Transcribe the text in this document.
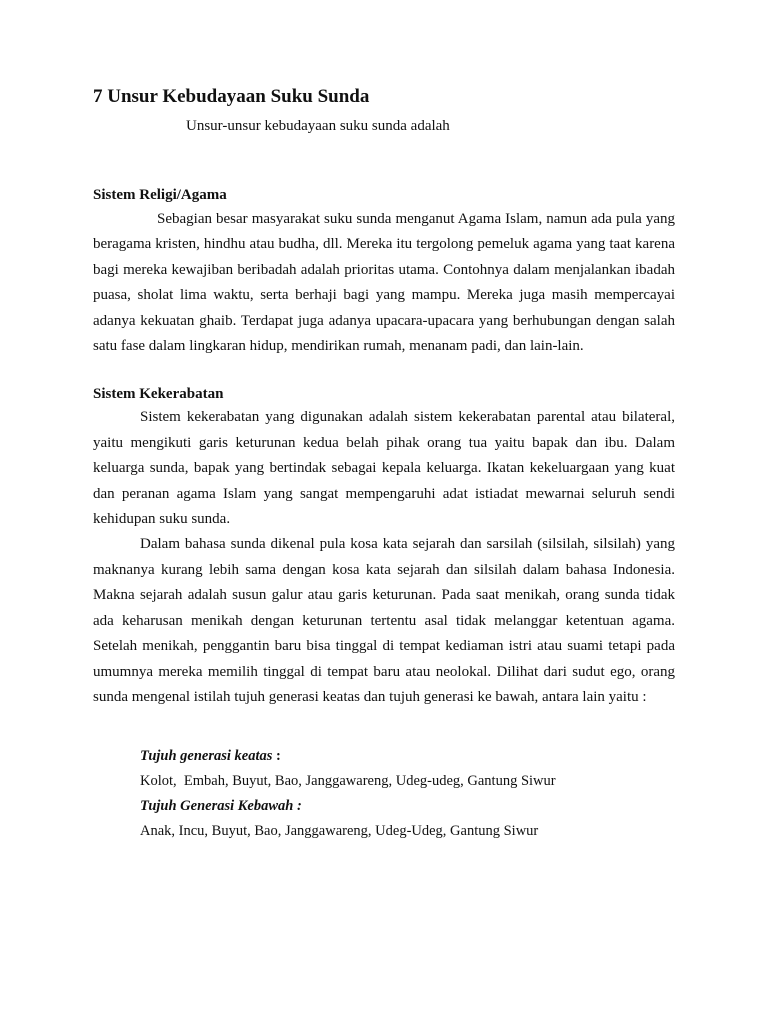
7 Unsur Kebudayaan Suku Sunda

Unsur-unsur kebudayaan suku sunda adalah

Sistem Religi/Agama

Sebagian besar masyarakat suku sunda menganut Agama Islam, namun ada pula yang beragama kristen, hindhu atau budha, dll. Mereka itu tergolong pemeluk agama yang taat karena bagi mereka kewajiban beribadah adalah prioritas utama. Contohnya dalam menjalankan ibadah puasa, sholat lima waktu, serta berhaji bagi yang mampu. Mereka juga masih mempercayai adanya kekuatan ghaib. Terdapat juga adanya upacara-upacara yang berhubungan dengan salah satu fase dalam lingkaran hidup, mendirikan rumah, menanam padi, dan lain-lain.

Sistem Kekerabatan

Sistem kekerabatan yang digunakan adalah sistem kekerabatan parental atau bilateral, yaitu mengikuti garis keturunan kedua belah pihak orang tua yaitu bapak dan ibu. Dalam keluarga sunda, bapak yang bertindak sebagai kepala keluarga. Ikatan kekeluargaan yang kuat dan peranan agama Islam yang sangat mempengaruhi adat istiadat mewarnai seluruh sendi kehidupan suku sunda.

Dalam bahasa sunda dikenal pula kosa kata sejarah dan sarsilah (silsilah, silsilah) yang maknanya kurang lebih sama dengan kosa kata sejarah dan silsilah dalam bahasa Indonesia. Makna sejarah adalah susun galur atau garis keturunan. Pada saat menikah, orang sunda tidak ada keharusan menikah dengan keturunan tertentu asal tidak melanggar ketentuan agama. Setelah menikah, penggantin baru bisa tinggal di tempat kediaman istri atau suami tetapi pada umumnya mereka memilih tinggal di tempat baru atau neolokal. Dilihat dari sudut ego, orang sunda mengenal istilah tujuh generasi keatas dan tujuh generasi ke bawah, antara lain yaitu :

Tujuh generasi keatas :
Kolot,  Embah, Buyut, Bao, Janggawareng, Udeg-udeg, Gantung Siwur
Tujuh Generasi Kebawah :
Anak, Incu, Buyut, Bao, Janggawareng, Udeg-Udeg, Gantung Siwur
